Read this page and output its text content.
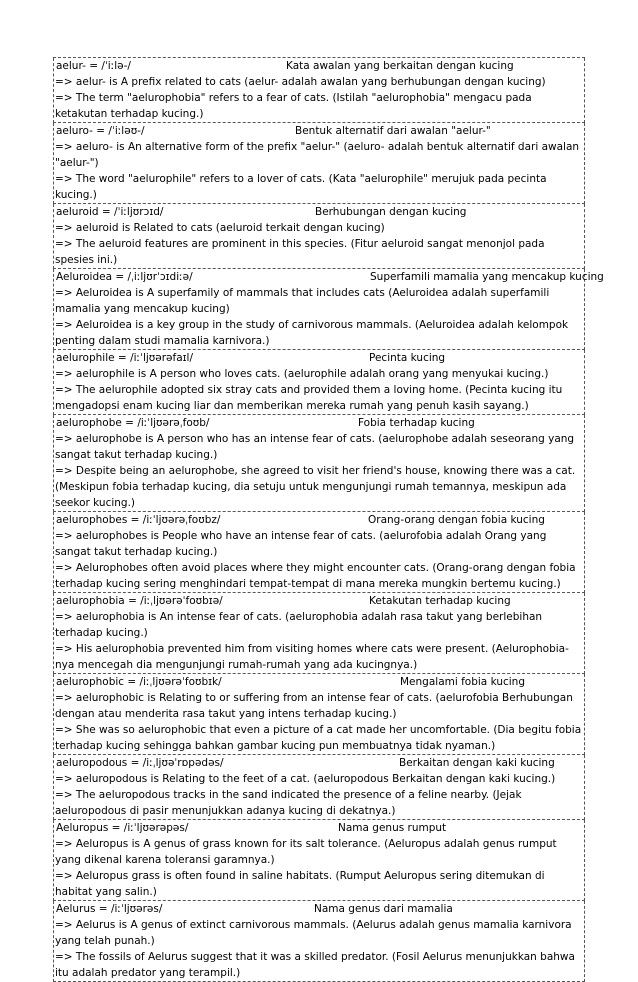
aelur- = /ˈiːlə-/	Kata awalan yang berkaitan dengan kucing
=> aelur- is A prefix related to cats (aelur- adalah awalan yang berhubungan dengan kucing)
=> The term "aelurophobia" refers to a fear of cats. (Istilah "aelurophobia" mengacu pada ketakutan terhadap kucing.)
aeluro- = /ˈiːləʊ-/	Bentuk alternatif dari awalan "aelur-"
=> aeluro- is An alternative form of the prefix "aelur-" (aeluro- adalah bentuk alternatif dari awalan "aelur-")
=> The word "aelurophile" refers to a lover of cats. (Kata "aelurophile" merujuk pada pecinta kucing.)
aeluroid = /ˈiːljʊrɔɪd/	Berhubungan dengan kucing
=> aeluroid is Related to cats (aeluroid terkait dengan kucing)
=> The aeluroid features are prominent in this species. (Fitur aeluroid sangat menonjol pada spesies ini.)
Aeluroidea = /ˌiːljʊrˈɔɪdiːə/	Superfamili mamalia yang mencakup kucing
=> Aeluroidea is A superfamily of mammals that includes cats (Aeluroidea adalah superfamili mamalia yang mencakup kucing)
=> Aeluroidea is a key group in the study of carnivorous mammals. (Aeluroidea adalah kelompok penting dalam studi mamalia karnivora.)
aelurophile = /iːˈljʊərəfaɪl/	Pecinta kucing
=> aelurophile is A person who loves cats. (aelurophile adalah orang yang menyukai kucing.)
=> The aelurophile adopted six stray cats and provided them a loving home. (Pecinta kucing itu mengadopsi enam kucing liar dan memberikan mereka rumah yang penuh kasih sayang.)
aelurophobe = /iːˈljʊərəˌfoʊb/	Fobia terhadap kucing
=> aelurophobe is A person who has an intense fear of cats. (aelurophobe adalah seseorang yang sangat takut terhadap kucing.)
=> Despite being an aelurophobe, she agreed to visit her friend's house, knowing there was a cat. (Meskipun fobia terhadap kucing, dia setuju untuk mengunjungi rumah temannya, meskipun ada seekor kucing.)
aelurophobes = /iːˈljʊərəˌfoʊbz/	Orang-orang dengan fobia kucing
=> aelurophobes is People who have an intense fear of cats. (aelurofobia adalah Orang yang sangat takut terhadap kucing.)
=> Aelurophobes often avoid places where they might encounter cats. (Orang-orang dengan fobia terhadap kucing sering menghindari tempat-tempat di mana mereka mungkin bertemu kucing.)
aelurophobia = /iːˌljʊərəˈfoʊbɪə/	Ketakutan terhadap kucing
=> aelurophobia is An intense fear of cats. (aelurophobia adalah rasa takut yang berlebihan terhadap kucing.)
=> His aelurophobia prevented him from visiting homes where cats were present. (Aelurophobia-nya mencegah dia mengunjungi rumah-rumah yang ada kucingnya.)
aelurophobic = /iːˌljʊərəˈfoʊbɪk/	Mengalami fobia kucing
=> aelurophobic is Relating to or suffering from an intense fear of cats. (aelurofobia Berhubungan dengan atau menderita rasa takut yang intens terhadap kucing.)
=> She was so aelurophobic that even a picture of a cat made her uncomfortable. (Dia begitu fobia terhadap kucing sehingga bahkan gambar kucing pun membuatnya tidak nyaman.)
aeluropodous = /iːˌljʊəˈrɒpədəs/	Berkaitan dengan kaki kucing
=> aeluropodous is Relating to the feet of a cat. (aeluropodous Berkaitan dengan kaki kucing.)
=> The aeluropodous tracks in the sand indicated the presence of a feline nearby. (Jejak aeluropodous di pasir menunjukkan adanya kucing di dekatnya.)
Aeluropus = /iːˈljʊərəpəs/	Nama genus rumput
=> Aeluropus is A genus of grass known for its salt tolerance. (Aeluropus adalah genus rumput yang dikenal karena toleransi garamnya.)
=> Aeluropus grass is often found in saline habitats. (Rumput Aeluropus sering ditemukan di habitat yang salin.)
Aelurus = /iːˈljʊərəs/	Nama genus dari mamalia
=> Aelurus is A genus of extinct carnivorous mammals. (Aelurus adalah genus mamalia karnivora yang telah punah.)
=> The fossils of Aelurus suggest that it was a skilled predator. (Fosil Aelurus menunjukkan bahwa itu adalah predator yang terampil.)
